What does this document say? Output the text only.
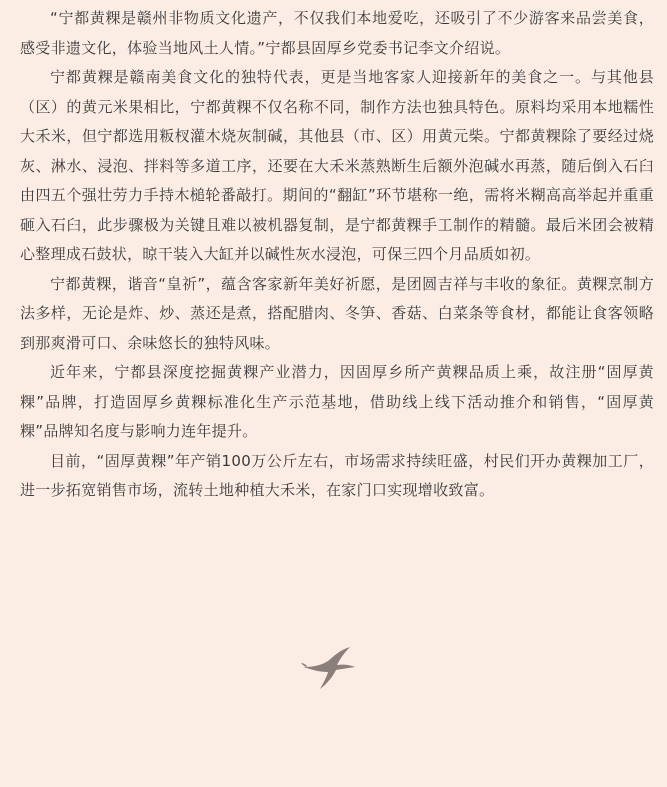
“宁都黄粿是赣州非物质文化遗产，不仅我们本地爱吃，还吸引了不少游客来品尝美食，感受非遗文化，体验当地风土人情。”宁都县固厚乡党委书记李文介绍说。

宁都黄粿是赣南美食文化的独特代表，更是当地客家人迎接新年的美食之一。与其他县（区）的黄元米果相比，宁都黄粿不仅名称不同，制作方法也独具特色。原料均采用本地糯性大禾米，但宁都选用粄杈灌木烧灰制碱，其他县（市、区）用黄元柴。宁都黄粿除了要经过烧灰、淋水、浸泡、拌料等多道工序，还要在大禾米蒸熟断生后额外泡碱水再蒸，随后倒入石臼由四五个强壮劳力手持木槌轮番敲打。期间的“翻缸”环节堪称一绝，需将米糊高高举起并重重砸入石臼，此步骤极为关键且难以被机器复制，是宁都黄粿手工制作的精髓。最后米团会被精心整理成石鼓状，晾干装入大缸并以碱性灰水浸泡，可保三四个月品质如初。

宁都黄粿，谐音“皇祈”，蕴含客家新年美好祈愿，是团圆吉祥与丰收的象征。黄粿烹制方法多样，无论是炸、炒、蒸还是煮，搭配腊肉、冬笋、香菇、白菜条等食材，都能让食客领略到那爽滑可口、余味悠长的独特风味。

近年来，宁都县深度挖掘黄粿产业潜力，因固厚乡所产黄粿品质上乘，故注册“固厚黄粿”品牌，打造固厚乡黄粿标准化生产示范基地，借助线上线下活动推介和销售，“固厚黄粿”品牌知名度与影响力连年提升。

目前，“固厚黄粿”年产销100万公斤左右，市场需求持续旺盛，村民们开办黄粿加工厂，进一步拓宽销售市场，流转土地种植大禾米，在家门口实现增收致富。
